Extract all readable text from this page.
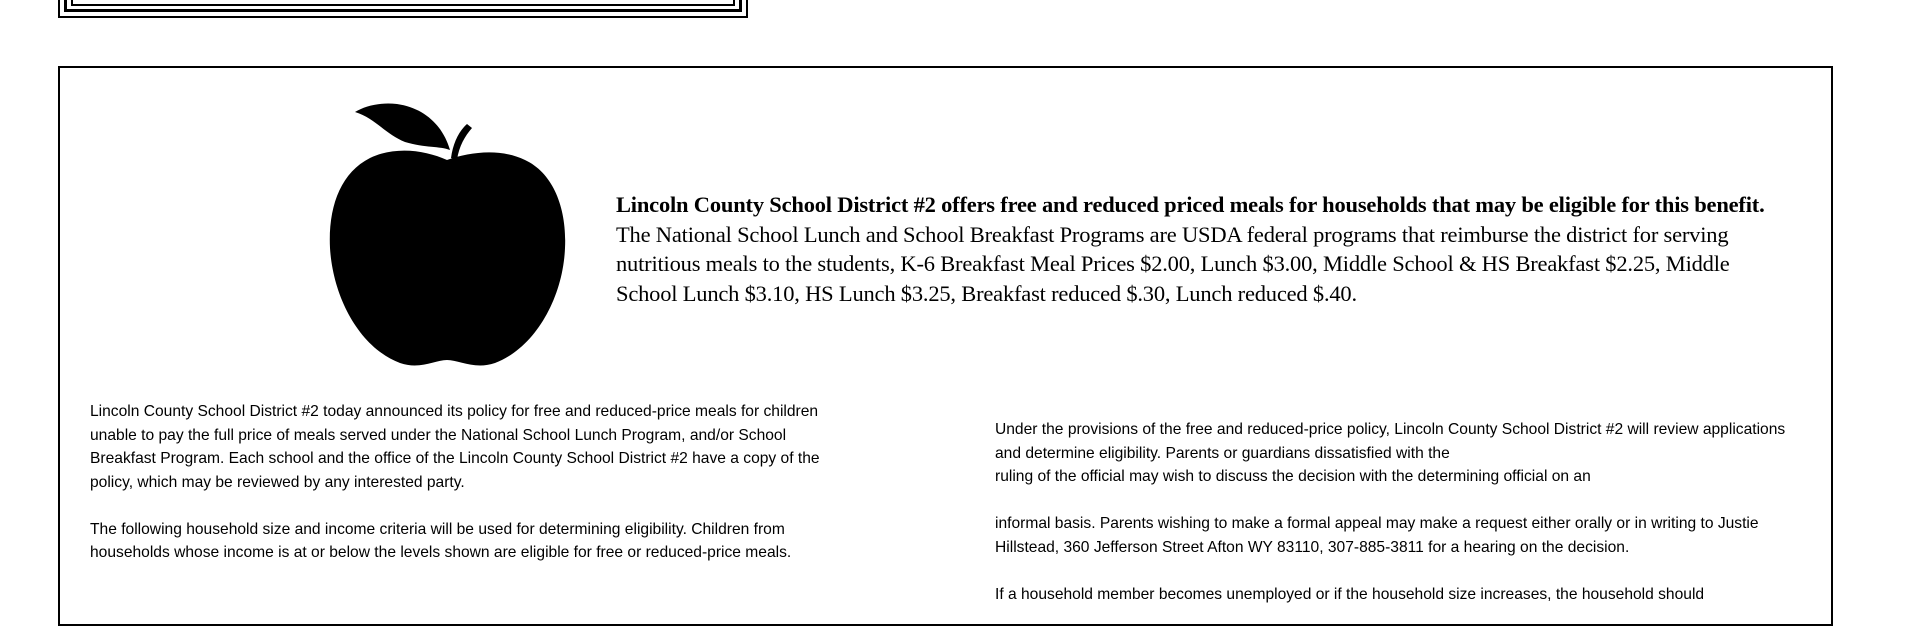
Lincoln County School District #2 offers free and reduced priced meals for households that may be eligible for this benefit. The National School Lunch and School Breakfast Programs are USDA federal programs that reimburse the district for serving nutritious meals to the students, K-6 Breakfast Meal Prices $2.00, Lunch $3.00, Middle School & HS Breakfast $2.25, Middle School Lunch $3.10, HS Lunch $3.25, Breakfast reduced $.30, Lunch reduced $.40.

Lincoln County School District #2 today announced its policy for free and reduced-price meals for children unable to pay the full price of meals served under the National School Lunch Program, and/or School Breakfast Program. Each school and the office of the Lincoln County School District #2 have a copy of the policy, which may be reviewed by any interested party.

The following household size and income criteria will be used for determining eligibility. Children from households whose income is at or below the levels shown are eligible for free or reduced-price meals.

Under the provisions of the free and reduced-price policy, Lincoln County School District #2 will review applications and determine eligibility. Parents or guardians dissatisfied with the

ruling of the official may wish to discuss the decision with the determining official on an

informal basis. Parents wishing to make a formal appeal may make a request either orally or in writing to Justie Hillstead, 360 Jefferson Street Afton WY 83110, 307-885-3811 for a hearing on the decision.

If a household member becomes unemployed or if the household size increases, the household should
